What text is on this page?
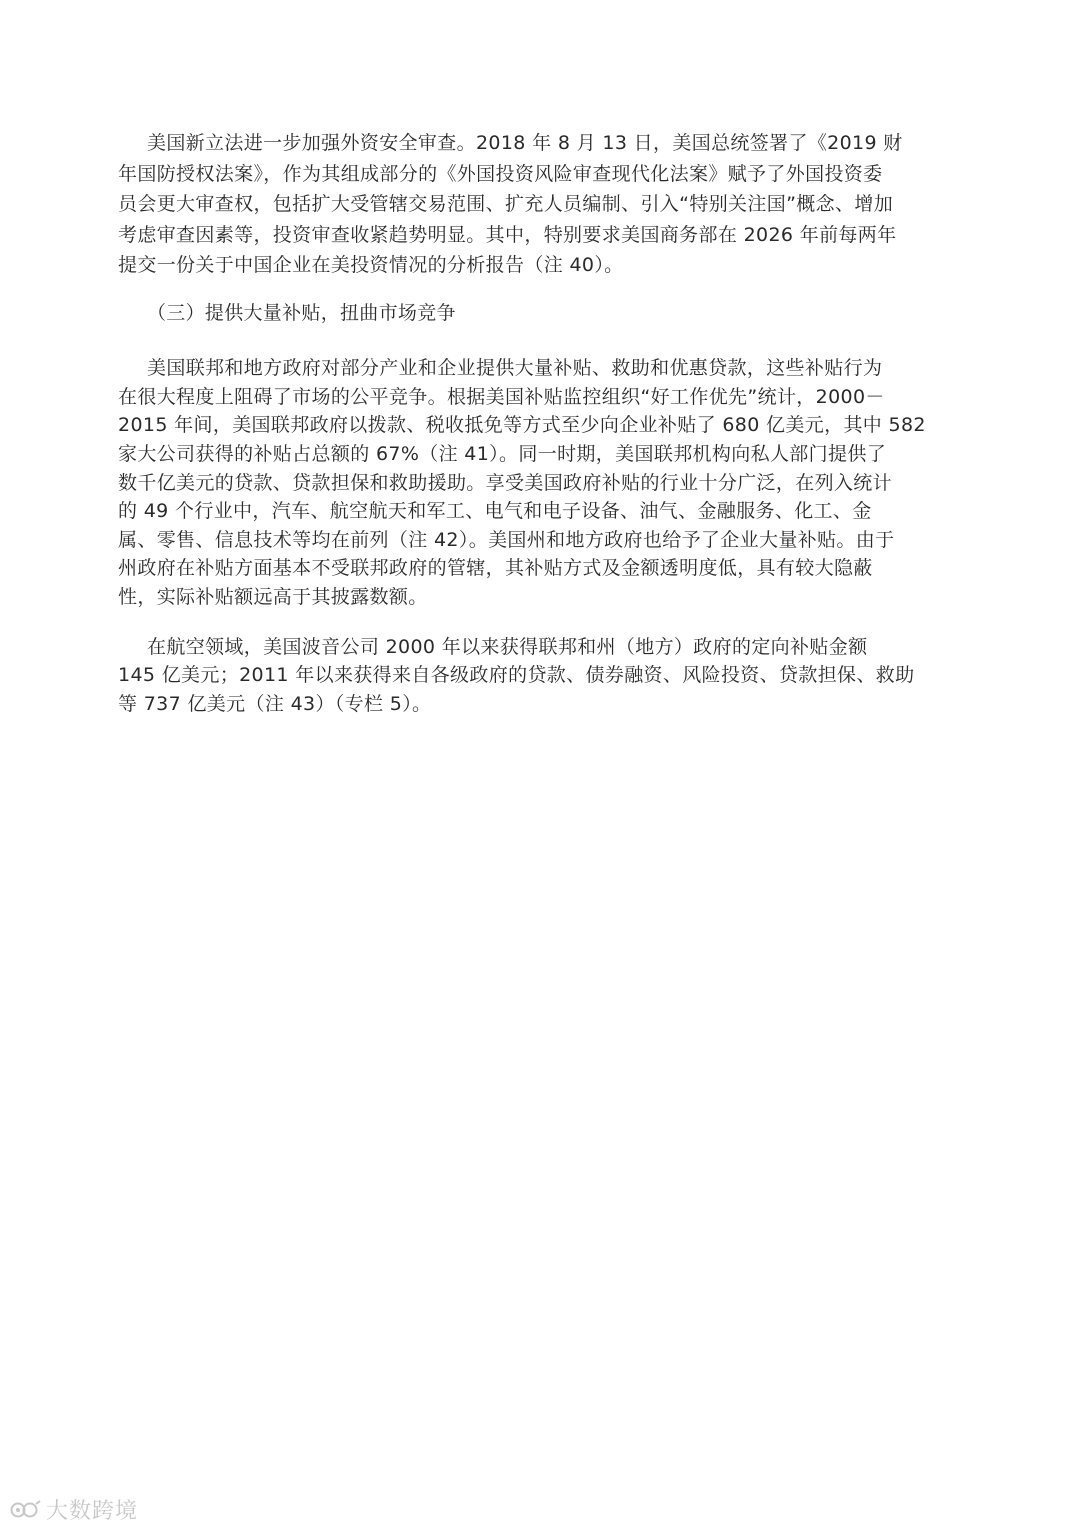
美国新立法进一步加强外资安全审查。2018 年 8 月 13 日，美国总统签署了《2019 财
年国防授权法案》，作为其组成部分的《外国投资风险审查现代化法案》赋予了外国投资委
员会更大审查权，包括扩大受管辖交易范围、扩充人员编制、引入“特别关注国”概念、增加
考虑审查因素等，投资审查收紧趋势明显。其中，特别要求美国商务部在 2026 年前每两年
提交一份关于中国企业在美投资情况的分析报告（注 40）。
（三）提供大量补贴，扭曲市场竞争
美国联邦和地方政府对部分产业和企业提供大量补贴、救助和优惠贷款，这些补贴行为
在很大程度上阻碍了市场的公平竞争。根据美国补贴监控组织“好工作优先”统计，2000－
2015 年间，美国联邦政府以拨款、税收抵免等方式至少向企业补贴了 680 亿美元，其中 582
家大公司获得的补贴占总额的 67%（注 41）。同一时期，美国联邦机构向私人部门提供了
数千亿美元的贷款、贷款担保和救助援助。享受美国政府补贴的行业十分广泛，在列入统计
的 49 个行业中，汽车、航空航天和军工、电气和电子设备、油气、金融服务、化工、金
属、零售、信息技术等均在前列（注 42）。美国州和地方政府也给予了企业大量补贴。由于
州政府在补贴方面基本不受联邦政府的管辖，其补贴方式及金额透明度低，具有较大隐蔽
性，实际补贴额远高于其披露数额。
在航空领域，美国波音公司 2000 年以来获得联邦和州（地方）政府的定向补贴金额
145 亿美元；2011 年以来获得来自各级政府的贷款、债券融资、风险投资、贷款担保、救助
等 737 亿美元（注 43）（专栏 5）。
大数跨境
